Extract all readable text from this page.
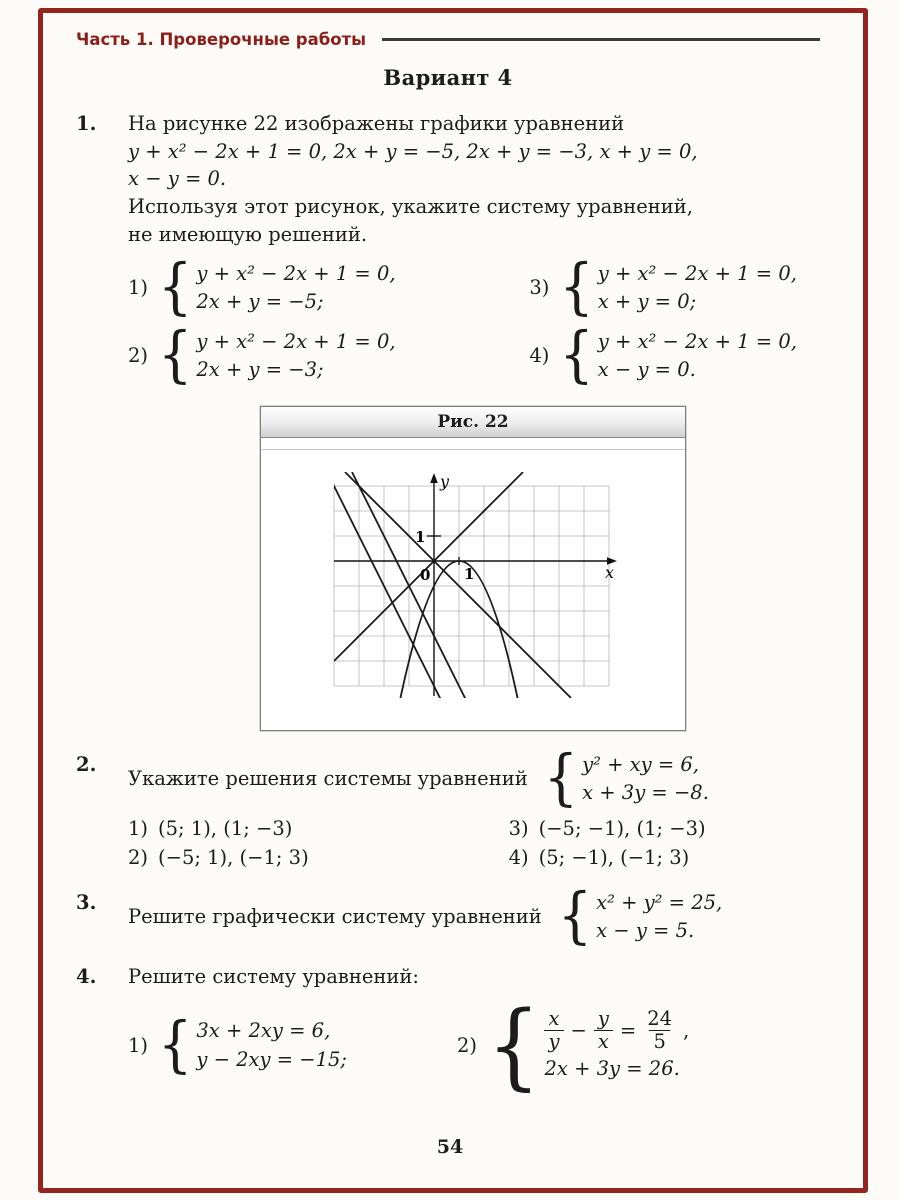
Часть 1. Проверочные работы
Вариант 4
1.	На рисунке 22 изображены графики уравнений
y + x² − 2x + 1 = 0, 2x + y = −5, 2x + y = −3, x + y = 0,
x − y = 0.
Используя этот рисунок, укажите систему уравнений,
не имеющую решений.
1) { y + x² − 2x + 1 = 0,
2x + y = −5;
3) { y + x² − 2x + 1 = 0,
x + y = 0;
2) { y + x² − 2x + 1 = 0,
2x + y = −3;
4) { y + x² − 2x + 1 = 0,
x − y = 0.
Рис. 22
y
x
0 1
1
2.
Укажите решения системы уравнений { y² + xy = 6,
x + 3y = −8.
1) (5; 1), (1; −3)	3) (−5; −1), (1; −3)
2) (−5; 1), (−1; 3)	4) (5; −1), (−1; 3)
3.
Решите графически систему уравнений { x² + y² = 25,
x − y = 5.
4.	Решите систему уравнений:
1) { 3x + 2xy = 6,
y − 2xy = −15;
2) { $\frac{x}{y} - \frac{y}{x} = \frac{24}{5}$ ,
2x + 3y = 26.
54
